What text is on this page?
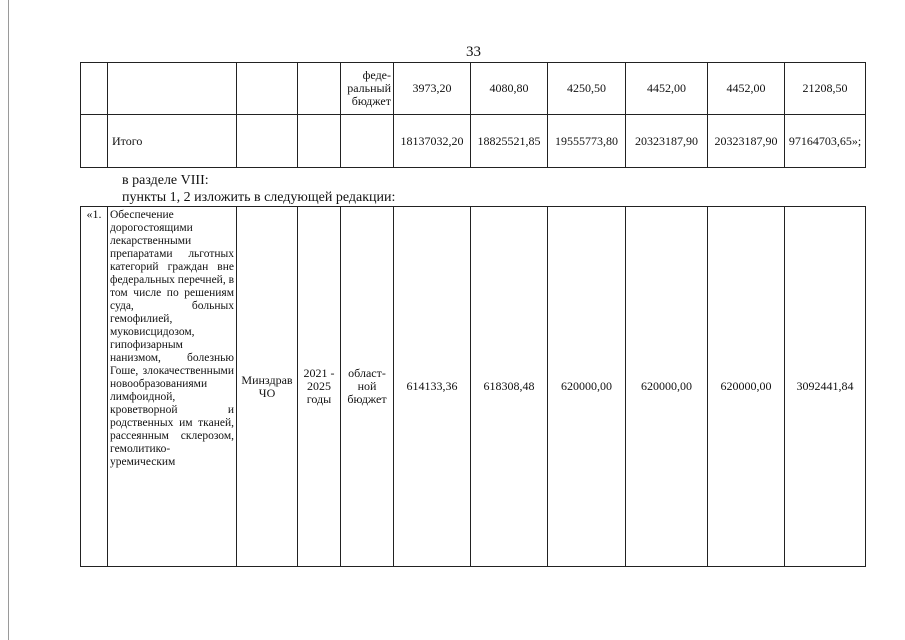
33
				феде-
ральный
бюджет	3973,20	4080,80	4250,50	4452,00	4452,00	21208,50
	Итого				18137032,20	18825521,85	19555773,80	20323187,90	20323187,90	97164703,65»;
в разделе VIII:
пункты 1, 2 изложить в следующей редакции:
«1.	Обеспечение дорогостоящими лекарственными препаратами льготных категорий граждан вне федеральных перечней, в том числе по решениям суда, больных гемофилией, муковисцидозом, гипофизарным нанизмом, болезнью Гоше, злокачественными новообразованиями лимфоидной, кроветворной и родственных им тканей, рассеянным склерозом, гемолитико-уремическим	Минздрав ЧО	2021 - 2025 годы	област-ной бюджет	614133,36	618308,48	620000,00	620000,00	620000,00	3092441,84
